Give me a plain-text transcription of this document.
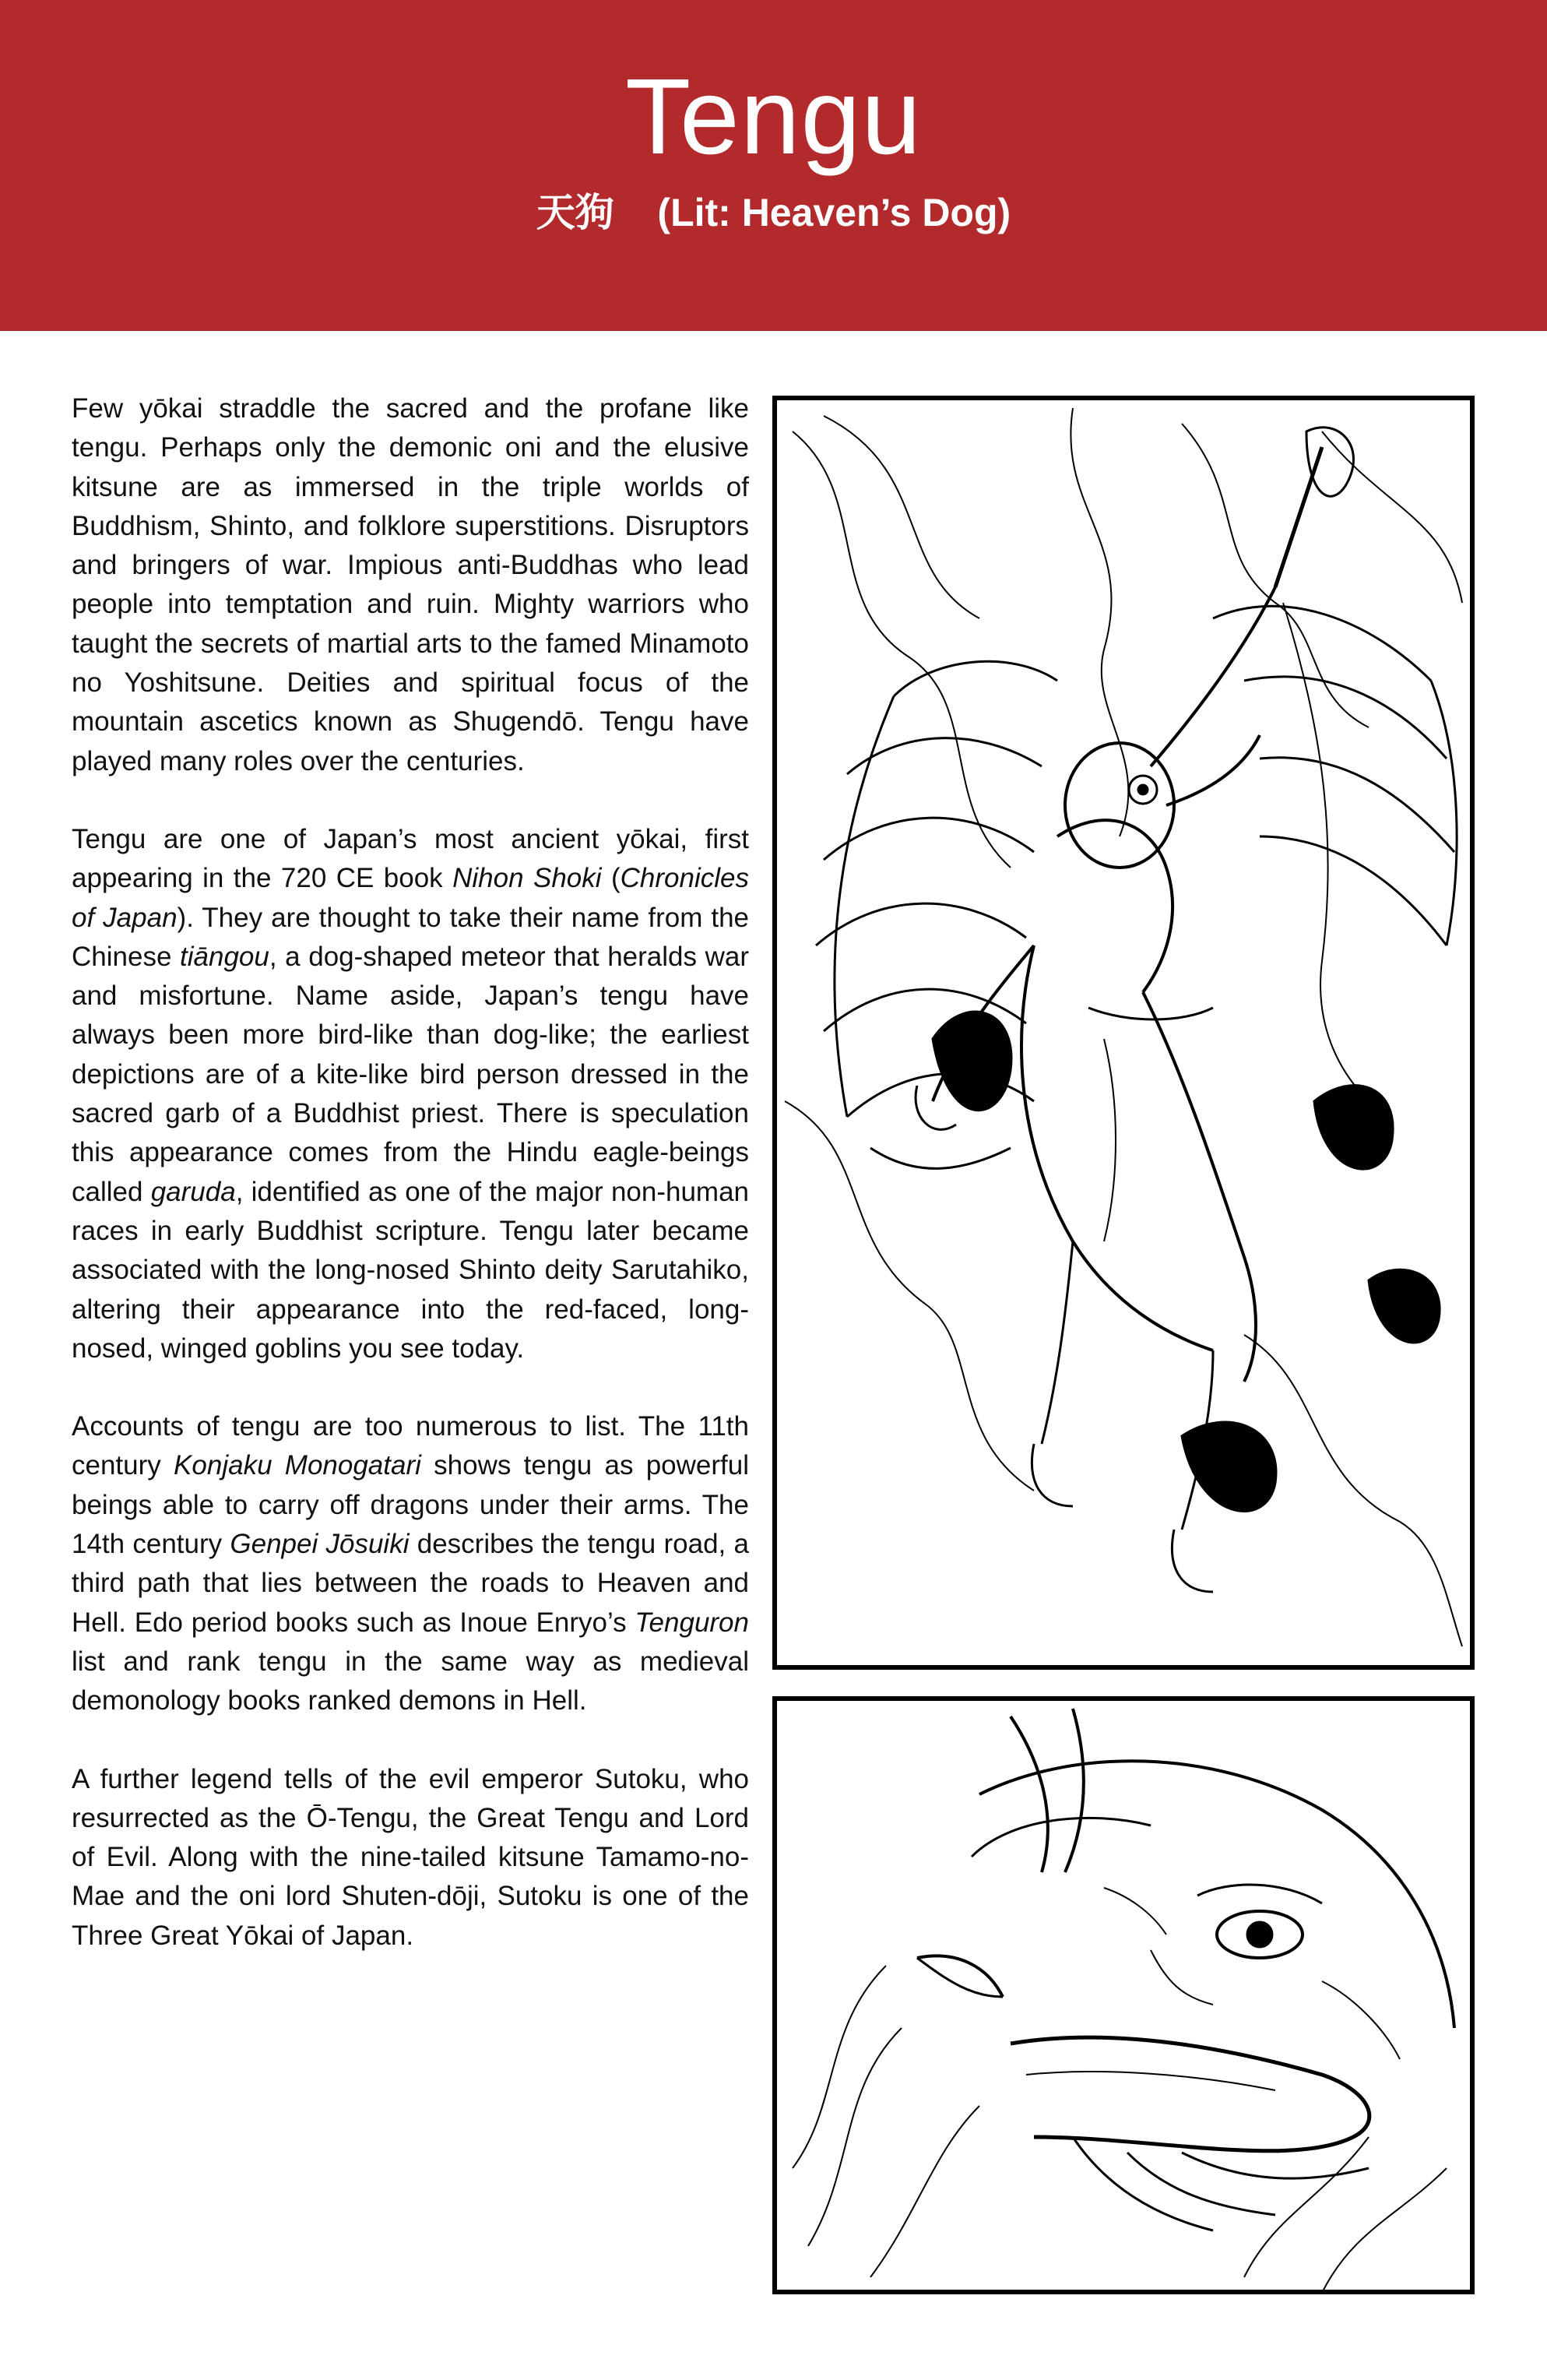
Tengu
天狗 (Lit: Heaven’s Dog)

Few yōkai straddle the sacred and the profane like tengu. Perhaps only the demonic oni and the elusive kitsune are as immersed in the triple worlds of Buddhism, Shinto, and folklore superstitions. Disruptors and bringers of war. Impious anti-Buddhas who lead people into temptation and ruin. Mighty warriors who taught the secrets of martial arts to the famed Minamoto no Yoshitsune. Deities and spiritual focus of the mountain ascetics known as Shugendō. Tengu have played many roles over the centuries.

Tengu are one of Japan’s most ancient yōkai, first appearing in the 720 CE book Nihon Shoki (Chronicles of Japan). They are thought to take their name from the Chinese tiāngou, a dog-shaped meteor that heralds war and misfortune. Name aside, Japan’s tengu have always been more bird-like than dog-like; the earliest depictions are of a kite-like bird person dressed in the sacred garb of a Buddhist priest. There is speculation this appearance comes from the Hindu eagle-beings called garuda, identified as one of the major non-human races in early Buddhist scripture. Tengu later became associated with the long-nosed Shinto deity Sarutahiko, altering their appearance into the red-faced, long-nosed, winged goblins you see today.

Accounts of tengu are too numerous to list. The 11th century Konjaku Monogatari shows tengu as powerful beings able to carry off dragons under their arms. The 14th century Genpei Jōsuiki describes the tengu road, a third path that lies between the roads to Heaven and Hell. Edo period books such as Inoue Enryo’s Tenguron list and rank tengu in the same way as medieval demonology books ranked demons in Hell.

A further legend tells of the evil emperor Sutoku, who resurrected as the Ō-Tengu, the Great Tengu and Lord of Evil. Along with the nine-tailed kitsune Tamamo-no-Mae and the oni lord Shuten-dōji, Sutoku is one of the Three Great Yōkai of Japan.
